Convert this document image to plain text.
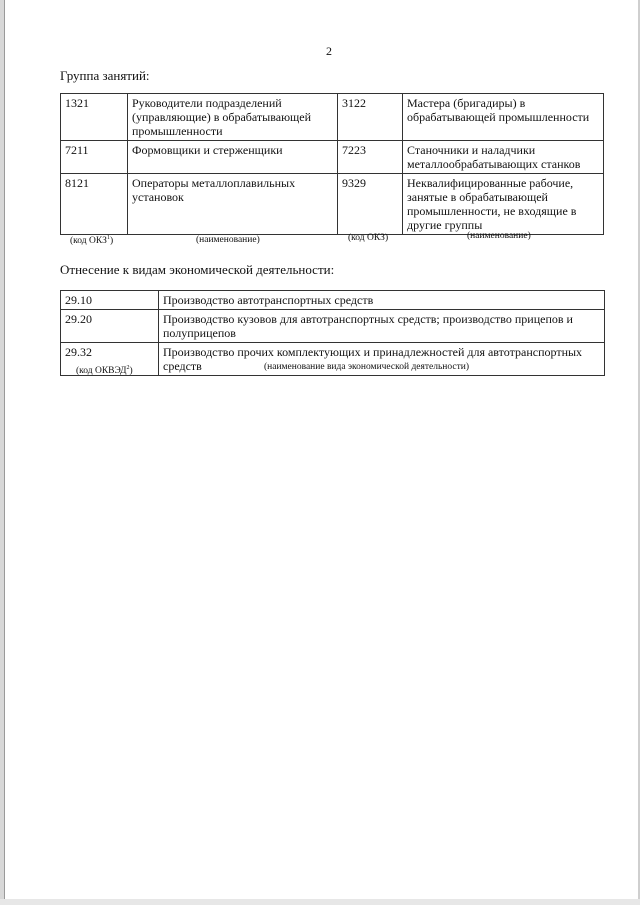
2
Группа занятий:
1321	Руководители подразделений (управляющие) в обрабатывающей промышленности	3122	Мастера (бригадиры) в обрабатывающей промышленности
7211	Формовщики и стерженщики	7223	Станочники и наладчики металлообрабатывающих станков
8121	Операторы металлоплавильных установок	9329	Неквалифицированные рабочие, занятые в обрабатывающей промышленности, не входящие в другие группы
(код ОКЗ$^1$)	(наименование)	(код ОКЗ)	(наименование)
Отнесение к видам экономической деятельности:
29.10	Производство автотранспортных средств
29.20	Производство кузовов для автотранспортных средств; производство прицепов и полуприцепов
29.32	Производство прочих комплектующих и принадлежностей для автотранспортных средств
(код ОКВЭД$^2$)	(наименование вида экономической деятельности)
